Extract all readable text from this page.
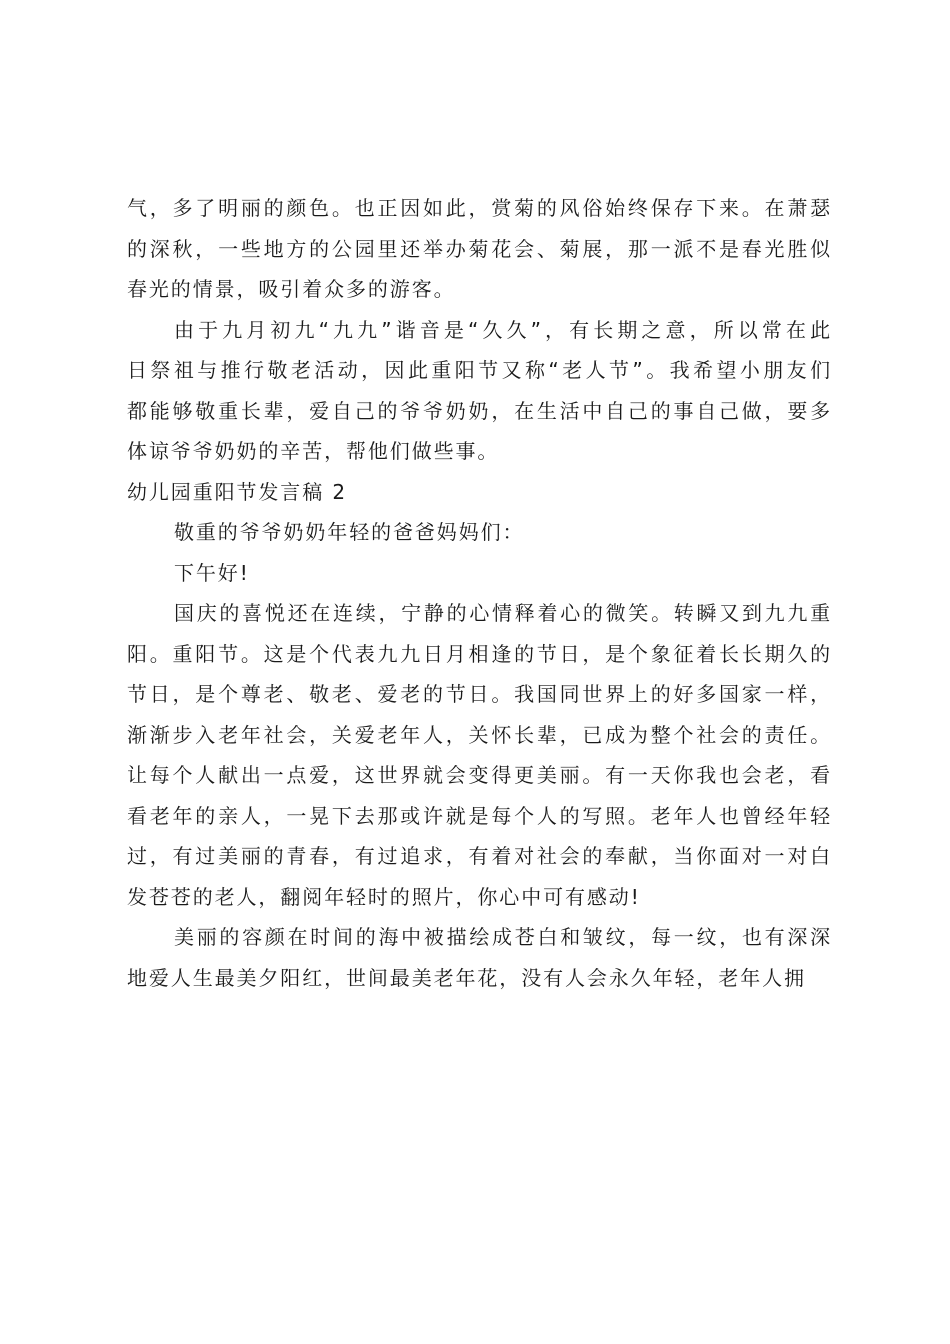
气，多了明丽的颜色。也正因如此，赏菊的风俗始终保存下来。在萧瑟
的深秋，一些地方的公园里还举办菊花会、菊展，那一派不是春光胜似
春光的情景，吸引着众多的游客。
由于九月初九“九九”谐音是“久久”，有长期之意，所以常在此
日祭祖与推行敬老活动，因此重阳节又称“老人节”。我希望小朋友们
都能够敬重长辈，爱自己的爷爷奶奶，在生活中自己的事自己做，要多
体谅爷爷奶奶的辛苦，帮他们做些事。
幼儿园重阳节发言稿 2
敬重的爷爷奶奶年轻的爸爸妈妈们：
下午好!
国庆的喜悦还在连续，宁静的心情释着心的微笑。转瞬又到九九重
阳。重阳节。这是个代表九九日月相逢的节日，是个象征着长长期久的
节日，是个尊老、敬老、爱老的节日。我国同世界上的好多国家一样，
渐渐步入老年社会，关爱老年人，关怀长辈，已成为整个社会的责任。
让每个人献出一点爱，这世界就会变得更美丽。有一天你我也会老，看
看老年的亲人，一晃下去那或许就是每个人的写照。老年人也曾经年轻
过，有过美丽的青春，有过追求，有着对社会的奉献，当你面对一对白
发苍苍的老人，翻阅年轻时的照片，你心中可有感动!
美丽的容颜在时间的海中被描绘成苍白和皱纹，每一纹，也有深深
地爱人生最美夕阳红，世间最美老年花，没有人会永久年轻，老年人拥
